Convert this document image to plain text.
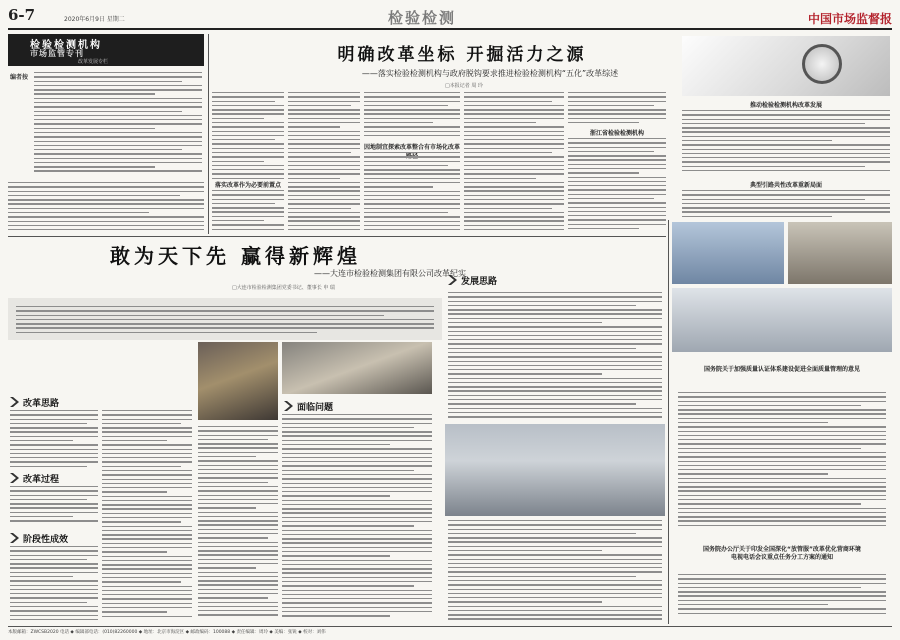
6-7	2020年6月9日 星期二	检验检测	中国市场监督报
检验检测机构
市场监管专刊
改革发展专栏
编者按
明确改革坐标 开掘活力之源
——落实检验检测机构与政府脱钩要求推进检验检测机构“五化”改革综述
□本报记者 周 玲
落实改革作为必要前置点
因地制宜探索改革整合有市场化改革
浙江省检验检测机构
推动检验检测机构改革发展
典型引路共性改革重新局面
敢为天下先 赢得新辉煌
——大连市检验检测集团有限公司改革纪实
□大连市检验检测集团党委书记、董事长 申 瑞
改革思路
改革过程
阶段性成效
面临问题
发展思路
国务院关于加强质量认证体系建设促进全面质量管理的意见
国务院办公厅关于印发全国深化“放管服”改革优化营商环境电视电话会议重点任务分工方案的通知
本版邮箱：ZWCSB2020 电话 ◆ 编辑部电话：(010)82260000 ◆ 地址：北京市海淀区 ◆ 邮政编码：100088 ◆ 责任编辑：周玲 ◆ 美编：张锐 ◆ 校对：刘伟
